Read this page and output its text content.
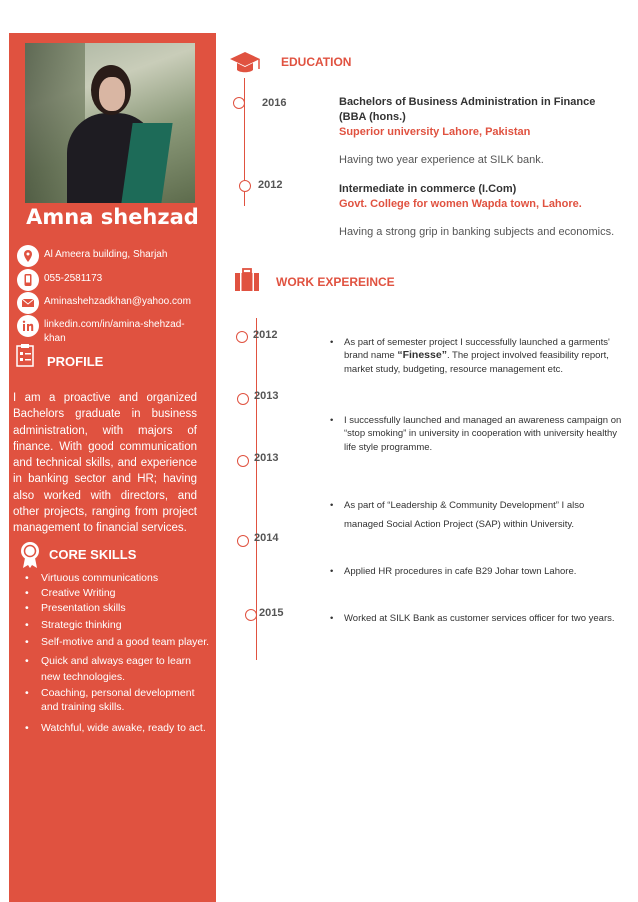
Amna shehzad
Al Ameera building, Sharjah
055-2581173
Aminashehzadkhan@yahoo.com
linkedin.com/in/amina-shehzad-khan
PROFILE
I am a proactive and organized Bachelors graduate in business administration, with majors of finance. With good communication and technical skills, and experience in banking sector and HR; having also worked with directors, and other projects, ranging from project management to financial services.
CORE SKILLS
• Virtuous communications
• Creative Writing
• Presentation skills
• Strategic thinking
• Self-motive and a good team player.
• Quick and always eager to learn new technologies.
• Coaching, personal development and training skills.
• Watchful, wide awake, ready to act.
EDUCATION
2016
2012
Bachelors of Business Administration in Finance (BBA (hons.)
Superior university Lahore, Pakistan
Having two year experience at SILK bank.
Intermediate in commerce (I.Com)
Govt. College for women Wapda town, Lahore.
Having a strong grip in banking subjects and economics.
WORK EXPEREINCE
2012
2013
2013
2014
2015
• As part of semester project I successfully launched a garments' brand name “Finesse”. The project involved feasibility report, market study, budgeting, resource management etc.
• I successfully launched and managed an awareness campaign on “stop smoking” in university in cooperation with university healthy life style programme.
• As part of “Leadership & Community Development” I also managed Social Action Project (SAP) within University.
• Applied HR procedures in cafe B29 Johar town Lahore.
• Worked at SILK Bank as customer services officer for two years.
